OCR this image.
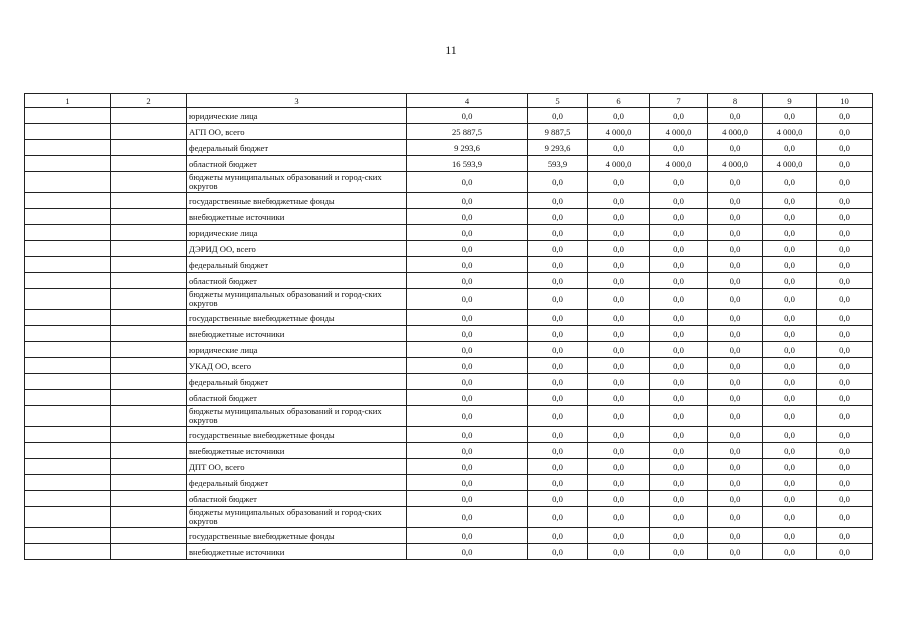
11
1	2	3	4	5	6	7	8	9	10
		юридические лица	0,0	0,0	0,0	0,0	0,0	0,0	0,0
		АГП ОО, всего	25 887,5	9 887,5	4 000,0	4 000,0	4 000,0	4 000,0	0,0
		федеральный бюджет	9 293,6	9 293,6	0,0	0,0	0,0	0,0	0,0
		областной бюджет	16 593,9	593,9	4 000,0	4 000,0	4 000,0	4 000,0	0,0
		бюджеты муниципальных образований и город-ских округов	0,0	0,0	0,0	0,0	0,0	0,0	0,0
		государственные внебюджетные фонды	0,0	0,0	0,0	0,0	0,0	0,0	0,0
		внебюджетные источники	0,0	0,0	0,0	0,0	0,0	0,0	0,0
		юридические лица	0,0	0,0	0,0	0,0	0,0	0,0	0,0
		ДЭРИД ОО, всего	0,0	0,0	0,0	0,0	0,0	0,0	0,0
		федеральный бюджет	0,0	0,0	0,0	0,0	0,0	0,0	0,0
		областной бюджет	0,0	0,0	0,0	0,0	0,0	0,0	0,0
		бюджеты муниципальных образований и город-ских округов	0,0	0,0	0,0	0,0	0,0	0,0	0,0
		государственные внебюджетные фонды	0,0	0,0	0,0	0,0	0,0	0,0	0,0
		внебюджетные источники	0,0	0,0	0,0	0,0	0,0	0,0	0,0
		юридические лица	0,0	0,0	0,0	0,0	0,0	0,0	0,0
		УКАД ОО, всего	0,0	0,0	0,0	0,0	0,0	0,0	0,0
		федеральный бюджет	0,0	0,0	0,0	0,0	0,0	0,0	0,0
		областной бюджет	0,0	0,0	0,0	0,0	0,0	0,0	0,0
		бюджеты муниципальных образований и город-ских округов	0,0	0,0	0,0	0,0	0,0	0,0	0,0
		государственные внебюджетные фонды	0,0	0,0	0,0	0,0	0,0	0,0	0,0
		внебюджетные источники	0,0	0,0	0,0	0,0	0,0	0,0	0,0
		ДПТ ОО, всего	0,0	0,0	0,0	0,0	0,0	0,0	0,0
		федеральный бюджет	0,0	0,0	0,0	0,0	0,0	0,0	0,0
		областной бюджет	0,0	0,0	0,0	0,0	0,0	0,0	0,0
		бюджеты муниципальных образований и город-ских округов	0,0	0,0	0,0	0,0	0,0	0,0	0,0
		государственные внебюджетные фонды	0,0	0,0	0,0	0,0	0,0	0,0	0,0
		внебюджетные источники	0,0	0,0	0,0	0,0	0,0	0,0	0,0
